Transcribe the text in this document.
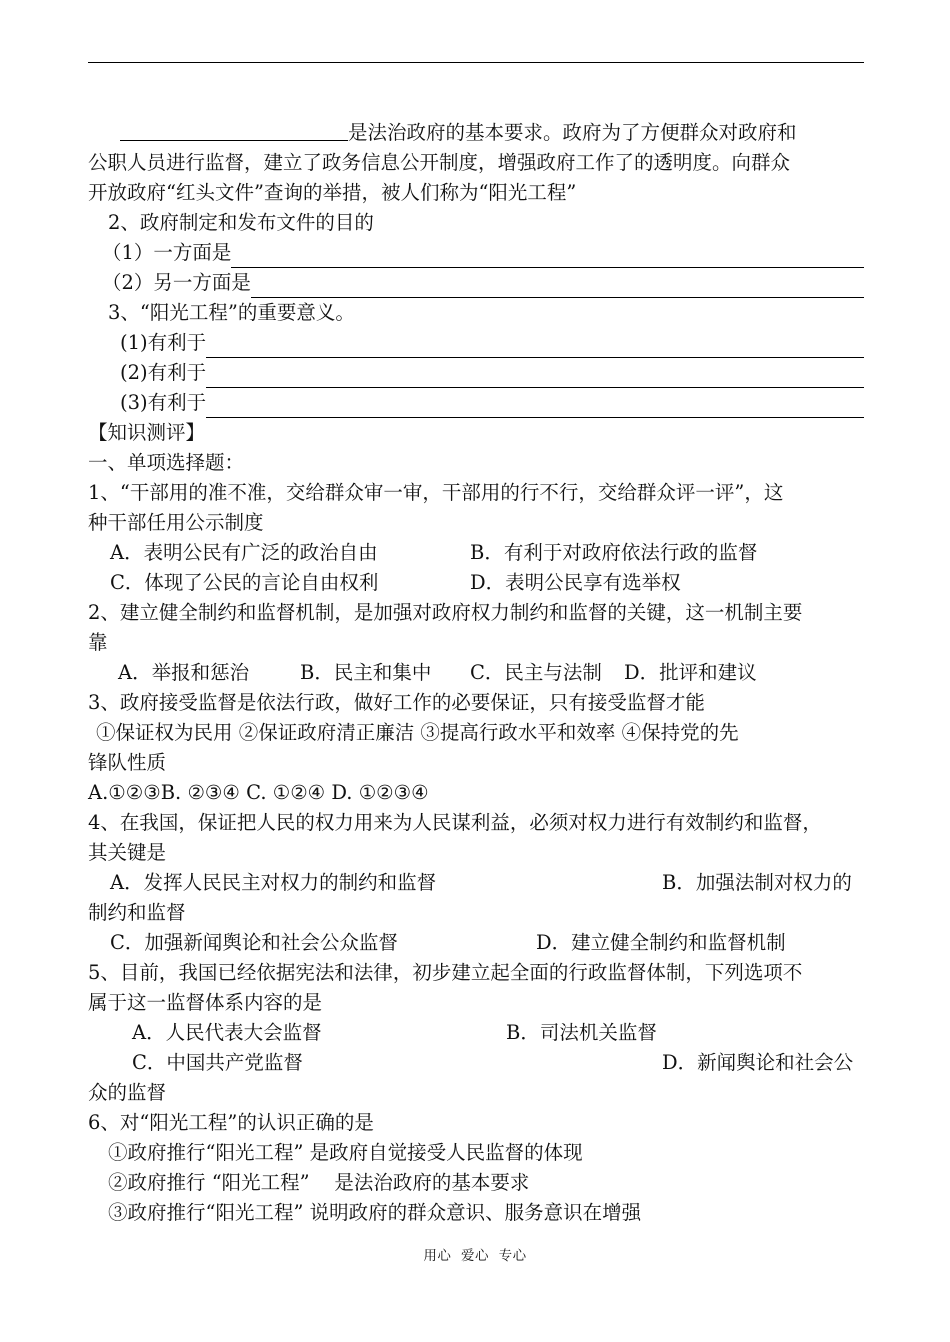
是法治政府的基本要求。政府为了方便群众对政府和
公职人员进行监督，建立了政务信息公开制度，增强政府工作了的透明度。向群众
开放政府“红头文件”查询的举措，被人们称为“阳光工程”
2、政府制定和发布文件的目的
（1）一方面是
（2）另一方面是
3、“阳光工程”的重要意义。
(1)有利于
(2)有利于
(3)有利于
【知识测评】
一、单项选择题：
1、“干部用的准不准，交给群众审一审，干部用的行不行，交给群众评一评”，这
种干部任用公示制度
A．表明公民有广泛的政治自由	B．有利于对政府依法行政的监督
C．体现了公民的言论自由权利	D．表明公民享有选举权
2、建立健全制约和监督机制，是加强对政府权力制约和监督的关键，这一机制主要
靠
A．举报和惩治	B．民主和集中	C．民主与法制	D．批评和建议
3、政府接受监督是依法行政，做好工作的必要保证，只有接受监督才能
①保证权为民用 ②保证政府清正廉洁 ③提高行政水平和效率 ④保持党的先
锋队性质
A.①②③B. ②③④ C. ①②④ D. ①②③④
4、在我国，保证把人民的权力用来为人民谋利益，必须对权力进行有效制约和监督，
其关键是
A．发挥人民民主对权力的制约和监督	B．加强法制对权力的
制约和监督
C．加强新闻舆论和社会公众监督	D．建立健全制约和监督机制
5、目前，我国已经依据宪法和法律，初步建立起全面的行政监督体制，下列选项不
属于这一监督体系内容的是
A．人民代表大会监督	B．司法机关监督
C．中国共产党监督	D．新闻舆论和社会公
众的监督
6、对“阳光工程”的认识正确的是
①政府推行“阳光工程” 是政府自觉接受人民监督的体现
②政府推行 “阳光工程”    是法治政府的基本要求
③政府推行“阳光工程” 说明政府的群众意识、服务意识在增强
用心  爱心  专心
